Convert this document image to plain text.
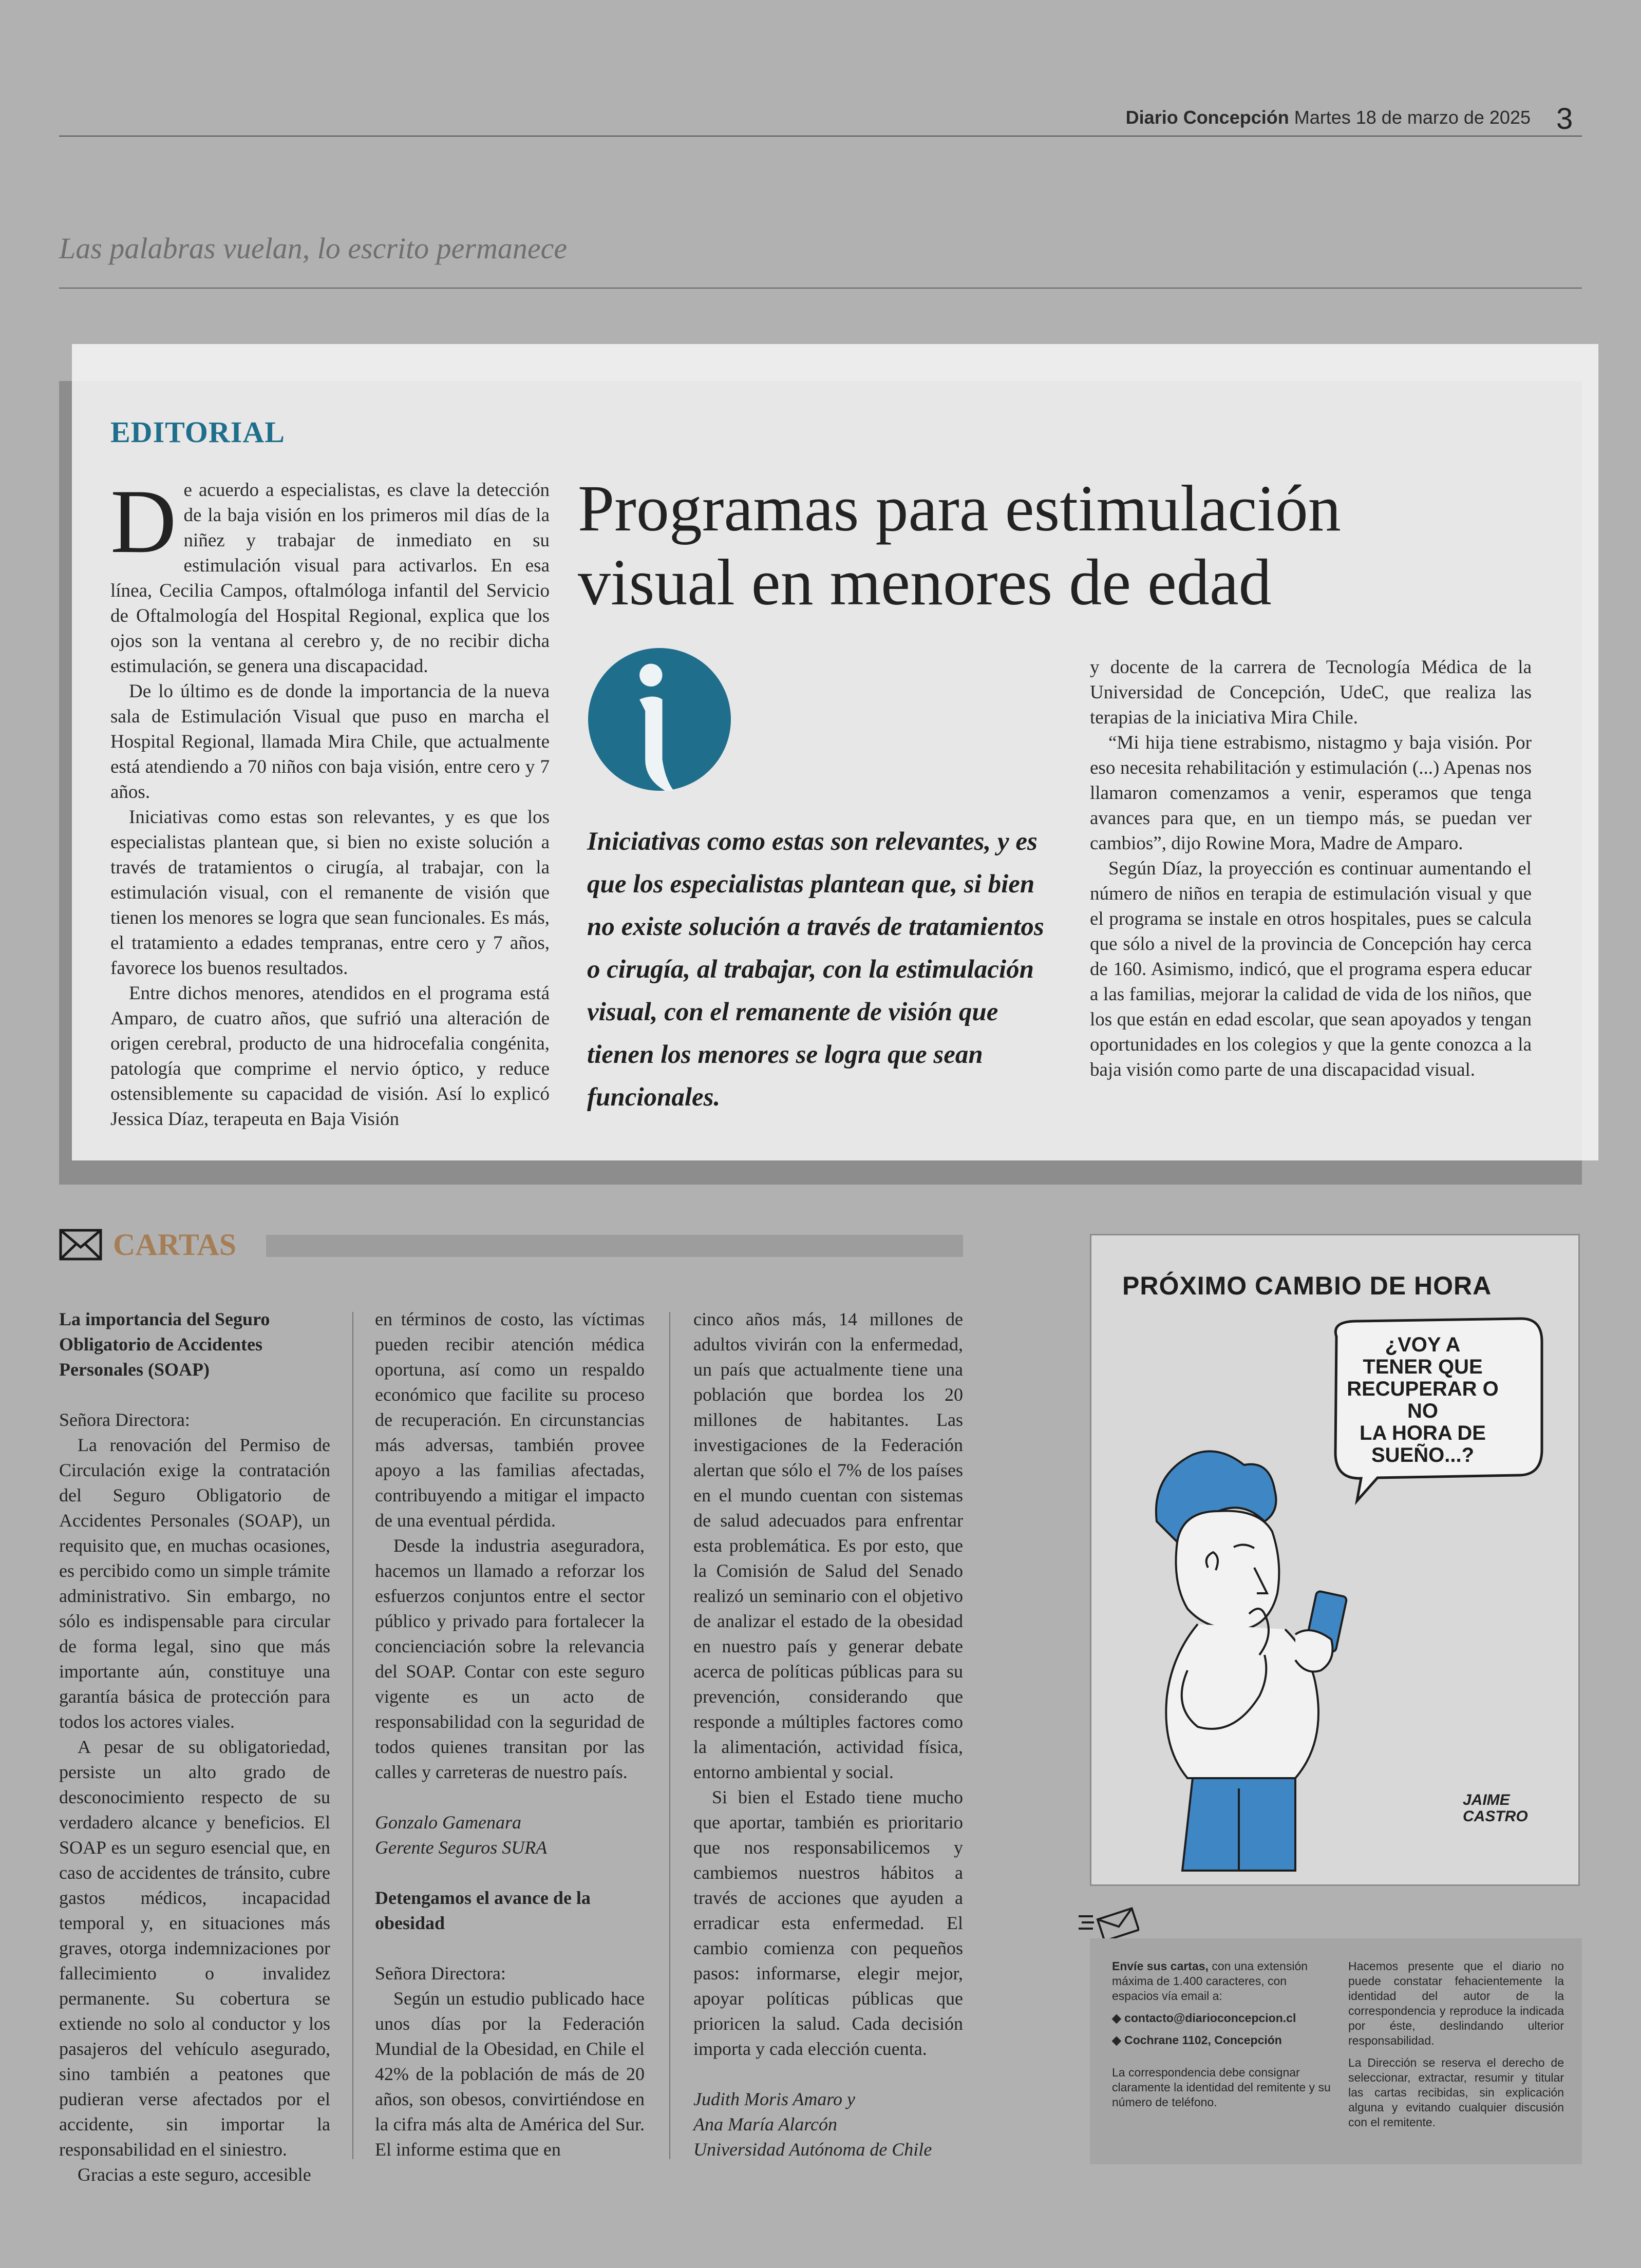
Diario Concepción Martes 18 de marzo de 2025 3
Las palabras vuelan, lo escrito permanece
EDITORIAL

De acuerdo a especialistas, es clave la detección de la baja visión en los primeros mil días de la niñez y trabajar de inmediato en su estimulación visual para activarlos. En esa línea, Cecilia Campos, oftalmóloga infantil del Servicio de Oftalmología del Hospital Regional, explica que los ojos son la ventana al cerebro y, de no recibir dicha estimulación, se genera una discapacidad.

De lo último es de donde la importancia de la nueva sala de Estimulación Visual que puso en marcha el Hospital Regional, llamada Mira Chile, que actualmente está atendiendo a 70 niños con baja visión, entre cero y 7 años.

Iniciativas como estas son relevantes, y es que los especialistas plantean que, si bien no existe solución a través de tratamientos o cirugía, al trabajar, con la estimulación visual, con el remanente de visión que tienen los menores se logra que sean funcionales. Es más, el tratamiento a edades tempranas, entre cero y 7 años, favorece los buenos resultados.

Entre dichos menores, atendidos en el programa está Amparo, de cuatro años, que sufrió una alteración de origen cerebral, producto de una hidrocefalia congénita, patología que comprime el nervio óptico, y reduce ostensiblemente su capacidad de visión. Así lo explicó Jessica Díaz, terapeuta en Baja Visión

Programas para estimulación
visual en menores de edad
Iniciativas como estas son relevantes, y es que los especialistas plantean que, si bien no existe solución a través de tratamientos o cirugía, al trabajar, con la estimulación visual, con el remanente de visión que tienen los menores se logra que sean funcionales.

y docente de la carrera de Tecnología Médica de la Universidad de Concepción, UdeC, que realiza las terapias de la iniciativa Mira Chile.

“Mi hija tiene estrabismo, nistagmo y baja visión. Por eso necesita rehabilitación y estimulación (...) Apenas nos llamaron comenzamos a venir, esperamos que tenga avances para que, en un tiempo más, se puedan ver cambios”, dijo Rowine Mora, Madre de Amparo.

Según Díaz, la proyección es continuar aumentando el número de niños en terapia de estimulación visual y que el programa se instale en otros hospitales, pues se calcula que sólo a nivel de la provincia de Concepción hay cerca de 160. Asimismo, indicó, que el programa espera educar a las familias, mejorar la calidad de vida de los niños, que los que están en edad escolar, que sean apoyados y tengan oportunidades en los colegios y que la gente conozca a la baja visión como parte de una discapacidad visual.

CARTAS

La importancia del Seguro Obligatorio de Accidentes Personales (SOAP)

Señora Directora:

La renovación del Permiso de Circulación exige la contratación del Seguro Obligatorio de Accidentes Personales (SOAP), un requisito que, en muchas ocasiones, es percibido como un simple trámite administrativo. Sin embargo, no sólo es indispensable para circular de forma legal, sino que más importante aún, constituye una garantía básica de protección para todos los actores viales.

A pesar de su obligatoriedad, persiste un alto grado de desconocimiento respecto de su verdadero alcance y beneficios. El SOAP es un seguro esencial que, en caso de accidentes de tránsito, cubre gastos médicos, incapacidad temporal y, en situaciones más graves, otorga indemnizaciones por fallecimiento o invalidez permanente. Su cobertura se extiende no solo al conductor y los pasajeros del vehículo asegurado, sino también a peatones que pudieran verse afectados por el accidente, sin importar la responsabilidad en el siniestro.

Gracias a este seguro, accesible

en términos de costo, las víctimas pueden recibir atención médica oportuna, así como un respaldo económico que facilite su proceso de recuperación. En circunstancias más adversas, también provee apoyo a las familias afectadas, contribuyendo a mitigar el impacto de una eventual pérdida.

Desde la industria aseguradora, hacemos un llamado a reforzar los esfuerzos conjuntos entre el sector público y privado para fortalecer la concienciación sobre la relevancia del SOAP. Contar con este seguro vigente es un acto de responsabilidad con la seguridad de todos quienes transitan por las calles y carreteras de nuestro país.

Gonzalo Gamenara

Gerente Seguros SURA

Detengamos el avance de la obesidad

Señora Directora:

Según un estudio publicado hace unos días por la Federación Mundial de la Obesidad, en Chile el 42% de la población de más de 20 años, son obesos, convirtiéndose en la cifra más alta de América del Sur. El informe estima que en

cinco años más, 14 millones de adultos vivirán con la enfermedad, un país que actualmente tiene una población que bordea los 20 millones de habitantes. Las investigaciones de la Federación alertan que sólo el 7% de los países en el mundo cuentan con sistemas de salud adecuados para enfrentar esta problemática. Es por esto, que la Comisión de Salud del Senado realizó un seminario con el objetivo de analizar el estado de la obesidad en nuestro país y generar debate acerca de políticas públicas para su prevención, considerando que responde a múltiples factores como la alimentación, actividad física, entorno ambiental y social.

Si bien el Estado tiene mucho que aportar, también es prioritario que nos responsabilicemos y cambiemos nuestros hábitos a través de acciones que ayuden a erradicar esta enfermedad. El cambio comienza con pequeños pasos: informarse, elegir mejor, apoyar políticas públicas que prioricen la salud. Cada decisión importa y cada elección cuenta.

Judith Moris Amaro y

Ana María Alarcón

Universidad Autónoma de Chile

PRÓXIMO CAMBIO DE HORA
¿VOY A
TENER QUE
RECUPERAR O NO
LA HORA DE
SUEÑO...?
JAIME
CASTRO

Envíe sus cartas, con una extensión máxima de 1.400 caracteres, con espacios vía email a:

◆ contacto@diarioconcepcion.cl

◆ Cochrane 1102, Concepción

La correspondencia debe consignar claramente la identidad del remitente y su número de teléfono.

Hacemos presente que el diario no puede constatar fehacientemente la identidad del autor de la correspondencia y reproduce la indicada por éste, deslindando ulterior responsabilidad.

La Dirección se reserva el derecho de seleccionar, extractar, resumir y titular las cartas recibidas, sin explicación alguna y evitando cualquier discusión con el remitente.
